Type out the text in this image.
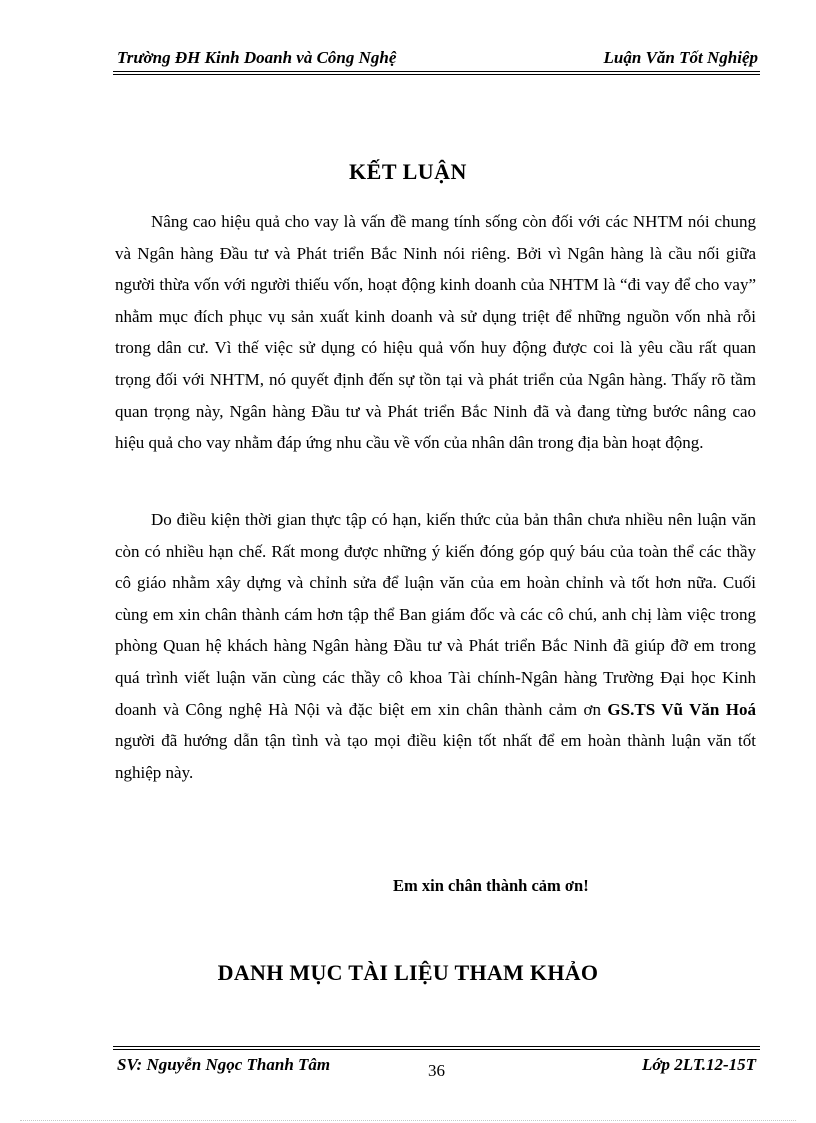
Trường ĐH Kinh Doanh và Công Nghệ	Luận Văn Tốt Nghiệp
KẾT LUẬN

Nâng cao hiệu quả cho vay là vấn đề mang tính sống còn đối với các NHTM nói chung và Ngân hàng Đầu tư và Phát triển Bắc Ninh nói riêng. Bởi vì Ngân hàng là cầu nối giữa người thừa vốn với người thiếu vốn, hoạt động kinh doanh của NHTM là “đi vay để cho vay” nhằm mục đích phục vụ sản xuất kinh doanh và sử dụng triệt để những nguồn vốn nhà rỗi trong dân cư. Vì thế việc sử dụng có hiệu quả vốn huy động được coi là yêu cầu rất quan trọng đối với NHTM, nó quyết định đến sự tồn tại và phát triển của Ngân hàng. Thấy rõ tầm quan trọng này, Ngân hàng Đầu tư và Phát triển Bắc Ninh đã và đang từng bước nâng cao hiệu quả cho vay nhằm đáp ứng nhu cầu về vốn của nhân dân trong địa bàn hoạt động.

Do điều kiện thời gian thực tập có hạn, kiến thức của bản thân chưa nhiều nên luận văn còn có nhiều hạn chế. Rất mong được những ý kiến đóng góp quý báu của toàn thể các thầy cô giáo nhằm xây dựng và chỉnh sửa để luận văn của em hoàn chỉnh và tốt hơn nữa. Cuối cùng em xin chân thành cám hơn tập thể Ban giám đốc và các cô chú, anh chị làm việc trong phòng Quan hệ khách hàng Ngân hàng Đầu tư và Phát triển Bắc Ninh đã giúp đỡ em trong quá trình viết luận văn cùng các thầy cô khoa Tài chính-Ngân hàng Trường Đại học Kinh doanh và Công nghệ Hà Nội và đặc biệt em xin chân thành cảm ơn GS.TS Vũ Văn Hoá người đã hướng dẫn tận tình và tạo mọi điều kiện tốt nhất để em hoàn thành luận văn tốt nghiệp này.

Em xin chân thành cảm ơn!
DANH MỤC TÀI LIỆU THAM KHẢO
SV: Nguyễn Ngọc Thanh Tâm	36	Lớp 2LT.12-15T
